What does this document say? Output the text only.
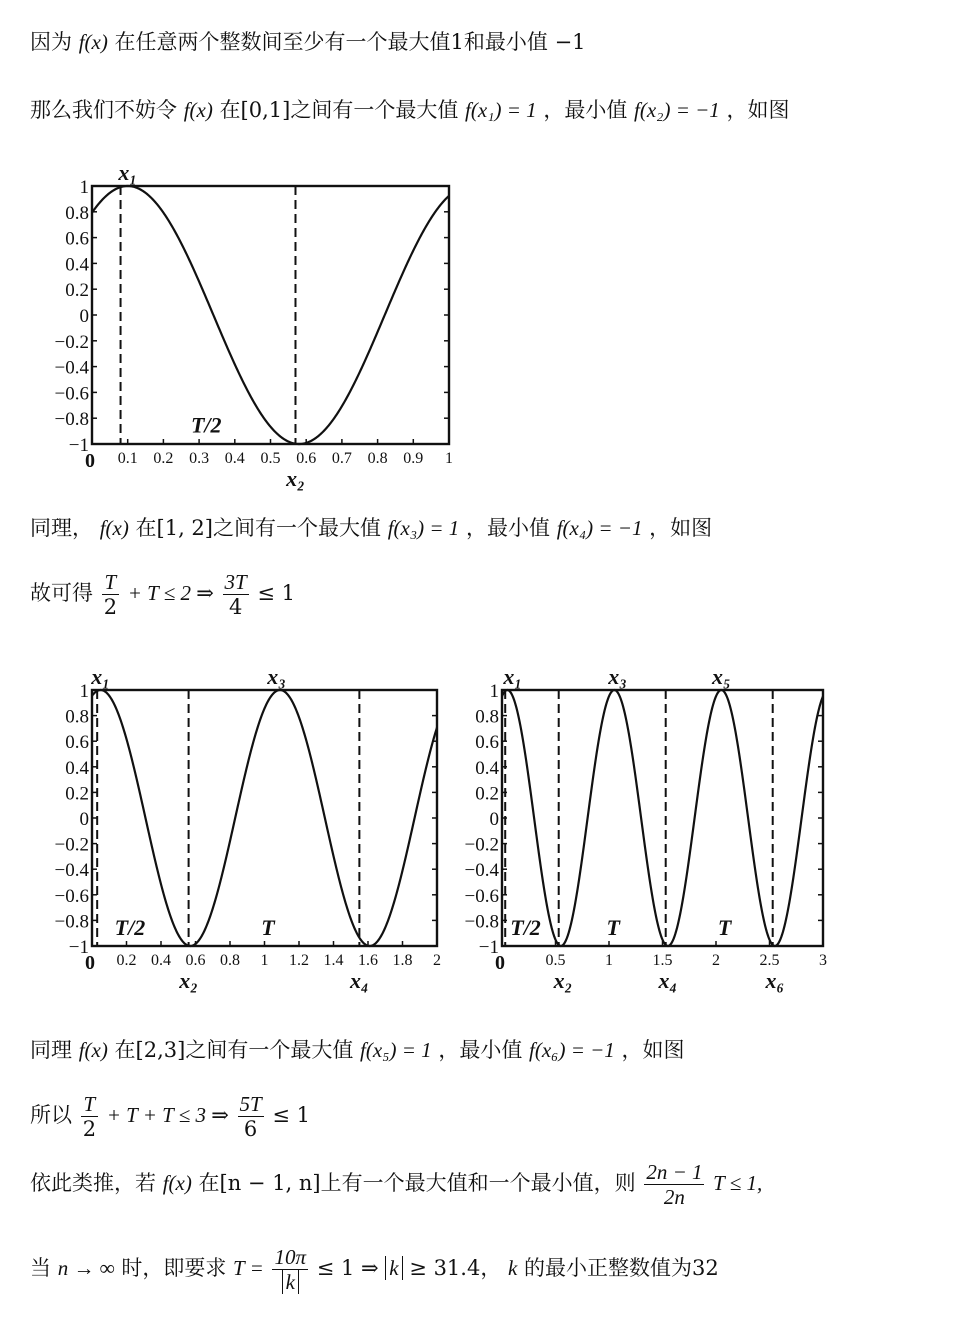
因为 f(x) 在任意两个整数间至少有一个最大值1和最小值 −1
那么我们不妨令 f(x) 在[0,1]之间有一个最大值 f(x₁) = 1 ，最小值 f(x₂) = −1 ，如图
−1
−0.8
−0.6
−0.4
−0.2
0
0.2
0.4
0.6
0.8
1
0 0.1 0.2 0.3 0.4 0.5 0.6 0.7 0.8 0.9 1
x₁
x₂
T/2
同理， f(x) 在[1, 2]之间有一个最大值 f(x₃) = 1 ，最小值 f(x₄) = −1 ，如图
故可得 $\frac{T}{2} + T \le 2$ ⇒ $\frac{3T}{4} \le 1$
−1
−0.8
−0.6
−0.4
−0.2
0
0.2
0.4
0.6
0.8
1
0 0.2 0.4 0.6 0.8 1 1.2 1.4 1.6 1.8 2
x₁	x₃
x₂	x₄
T/2	T
−1
−0.8
−0.6
−0.4
−0.2
0
0.2
0.4
0.6
0.8
1
0	0.5 1 1.5 2 2.5 3
x₁	x₃	x₅
x₂	x₄	x₆
T/2	T	T
同理 f(x) 在[2,3]之间有一个最大值 f(x₅) = 1 ，最小值 f(x₆) = −1 ，如图
所以 $\frac{T}{2} + T + T \le 3$ ⇒ $\frac{5T}{6} \le 1$
依此类推，若 f(x) 在[n − 1, n]上有一个最大值和一个最小值，则 $\frac{2n - 1}{2n}$ T ≤ 1,
当 n → ∞ 时，即要求 $T = \frac{10\pi}{k} \le 1$ ⇒ k ≥ 31.4， k 的最小正整数值为32
